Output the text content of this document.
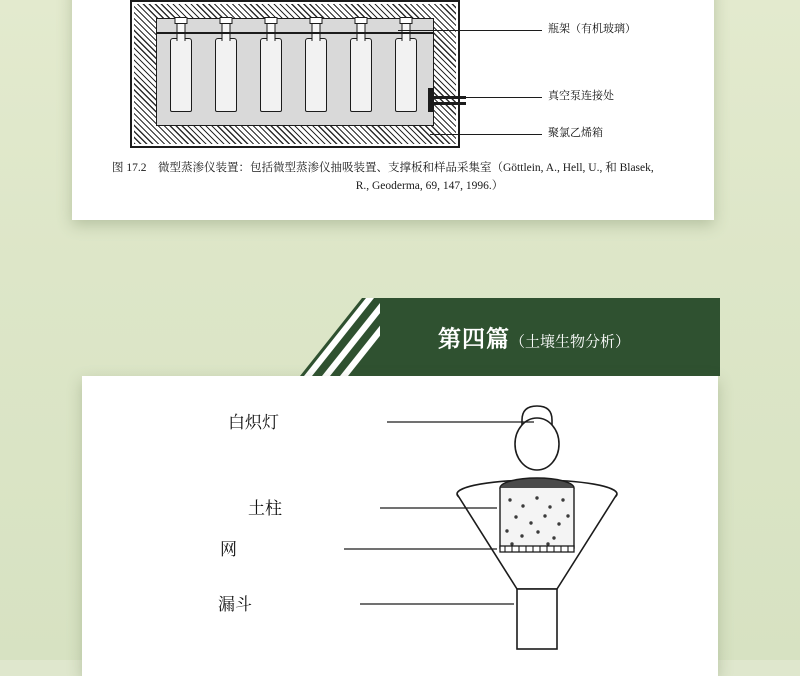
瓶架（有机玻璃）
真空泵连接处
聚氯乙烯箱
图 17.2　微型蒸渗仪装置：包括微型蒸渗仪抽吸装置、支撑板和样品采集室（Göttlein, A., Hell, U., 和 Blasek,
R., Geoderma, 69, 147, 1996.）
第四篇（土壤生物分析）
白炽灯
土柱
网
漏斗
